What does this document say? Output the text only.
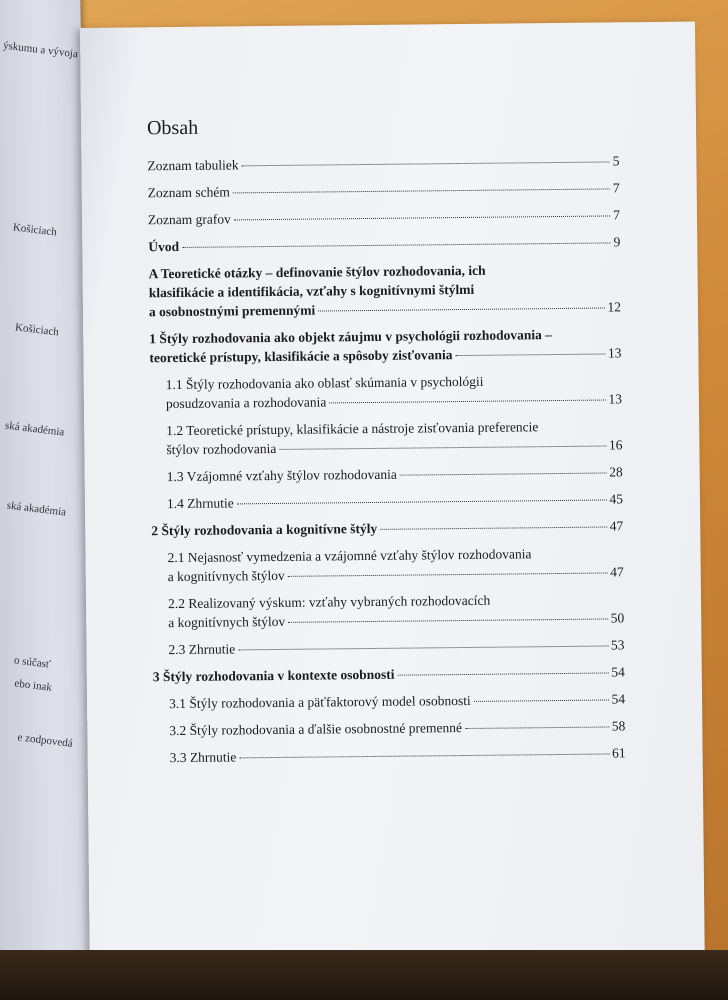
ýskumu a vývoja
Košiciach
Košiciach
ská akadémia
ská akadémia
o súčasť
ebo inak
e zodpovedá
Obsah
Zoznam tabuliek	5
Zoznam schém	7
Zoznam grafov	7
Úvod	9
A Teoretické otázky – definovanie štýlov rozhodovania, ich
klasifikácie a identifikácia, vzťahy s kognitívnymi štýlmi
a osobnostnými premennými	12
1 Štýly rozhodovania ako objekt záujmu v psychológii rozhodovania –
teoretické prístupy, klasifikácie a spôsoby zisťovania	13
1.1 Štýly rozhodovania ako oblasť skúmania v psychológii
posudzovania a rozhodovania	13
1.2 Teoretické prístupy, klasifikácie a nástroje zisťovania preferencie
štýlov rozhodovania	16
1.3 Vzájomné vzťahy štýlov rozhodovania	28
1.4 Zhrnutie	45
2 Štýly rozhodovania a kognitívne štýly	47
2.1 Nejasnosť vymedzenia a vzájomné vzťahy štýlov rozhodovania
a kognitívnych štýlov	47
2.2 Realizovaný výskum: vzťahy vybraných rozhodovacích
a kognitívnych štýlov	50
2.3 Zhrnutie	53
3 Štýly rozhodovania v kontexte osobnosti	54
3.1 Štýly rozhodovania a päťfaktorový model osobnosti	54
3.2 Štýly rozhodovania a ďalšie osobnostné premenné	58
3.3 Zhrnutie	61
